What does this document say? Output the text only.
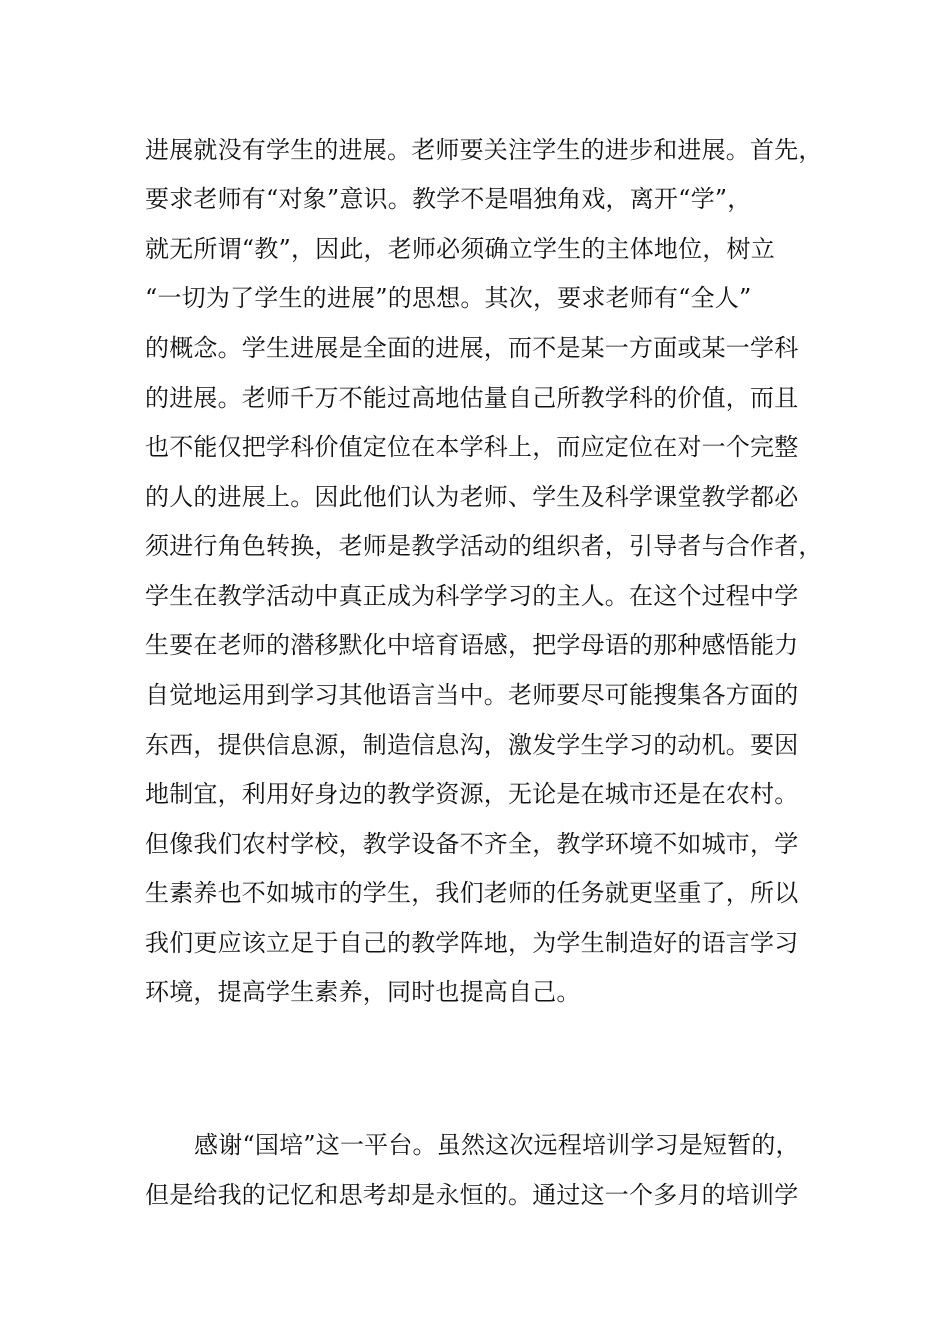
进展就没有学生的进展。老师要关注学生的进步和进展。首先，
要求老师有“对象”意识。教学不是唱独角戏，离开“学”，
就无所谓“教”，因此，老师必须确立学生的主体地位，树立
“一切为了学生的进展”的思想。其次，要求老师有“全人”
的概念。学生进展是全面的进展，而不是某一方面或某一学科
的进展。老师千万不能过高地估量自己所教学科的价值，而且
也不能仅把学科价值定位在本学科上，而应定位在对一个完整
的人的进展上。因此他们认为老师、学生及科学课堂教学都必
须进行角色转换，老师是教学活动的组织者，引导者与合作者，
学生在教学活动中真正成为科学学习的主人。在这个过程中学
生要在老师的潜移默化中培育语感，把学母语的那种感悟能力
自觉地运用到学习其他语言当中。老师要尽可能搜集各方面的
东西，提供信息源，制造信息沟，激发学生学习的动机。要因
地制宜，利用好身边的教学资源，无论是在城市还是在农村。
但像我们农村学校，教学设备不齐全，教学环境不如城市，学
生素养也不如城市的学生，我们老师的任务就更坚重了，所以
我们更应该立足于自己的教学阵地，为学生制造好的语言学习
环境，提高学生素养，同时也提高自己。
感谢“国培”这一平台。虽然这次远程培训学习是短暂的，
但是给我的记忆和思考却是永恒的。通过这一个多月的培训学
